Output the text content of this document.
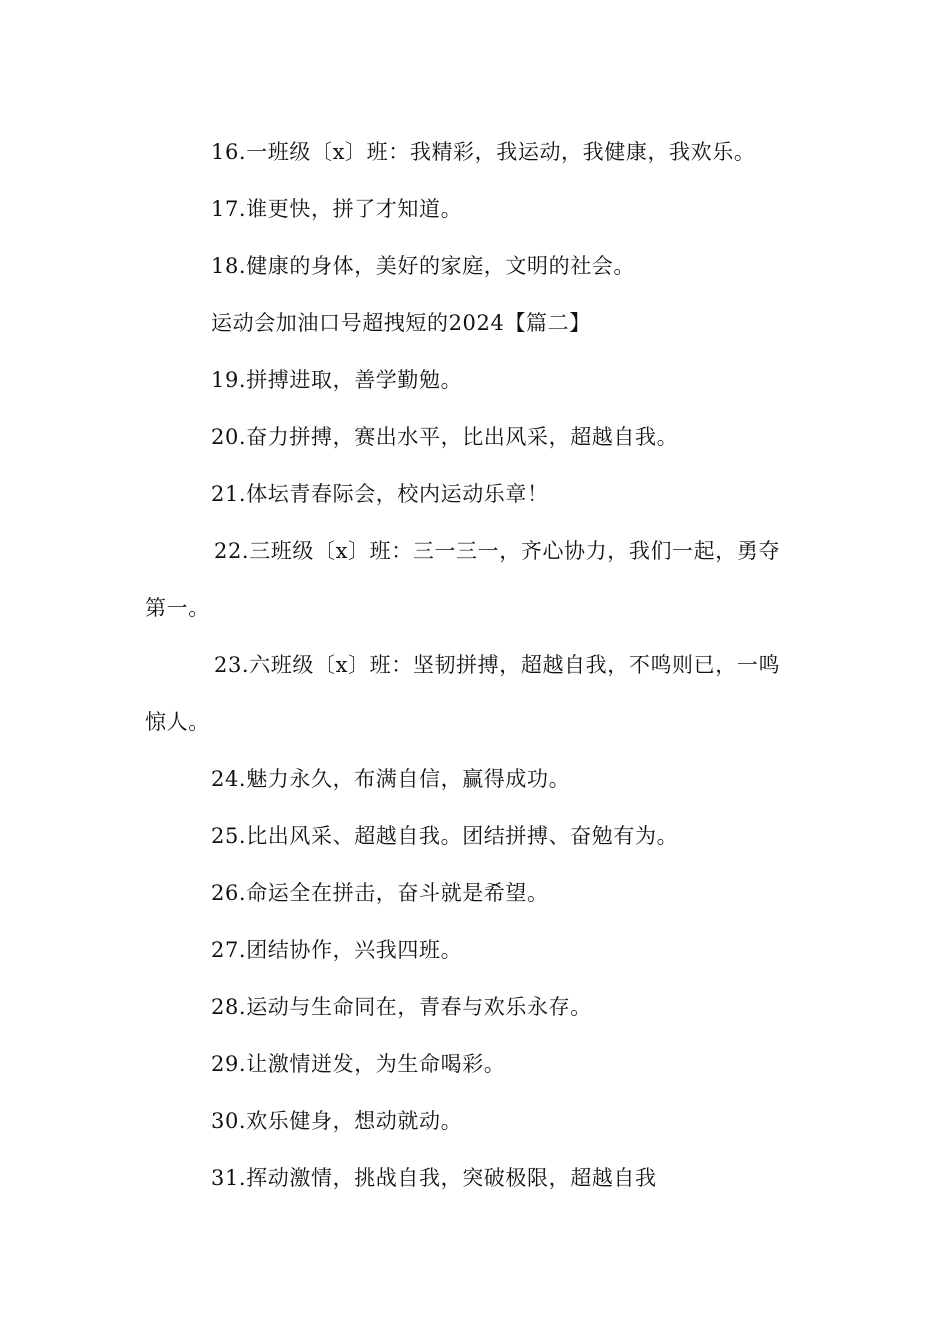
16.一班级〔x〕班：我精彩，我运动，我健康，我欢乐。
17.谁更快，拼了才知道。
18.健康的身体，美好的家庭，文明的社会。
运动会加油口号超拽短的2024【篇二】
19.拼搏进取，善学勤勉。
20.奋力拼搏，赛出水平，比出风采，超越自我。
21.体坛青春际会，校内运动乐章！
22.三班级〔x〕班：三一三一，齐心协力，我们一起，勇夺
第一。
23.六班级〔x〕班：坚韧拼搏，超越自我，不鸣则已，一鸣
惊人。
24.魅力永久，布满自信，赢得成功。
25.比出风采、超越自我。团结拼搏、奋勉有为。
26.命运全在拼击，奋斗就是希望。
27.团结协作，兴我四班。
28.运动与生命同在，青春与欢乐永存。
29.让激情迸发，为生命喝彩。
30.欢乐健身，想动就动。
31.挥动激情，挑战自我，突破极限，超越自我
